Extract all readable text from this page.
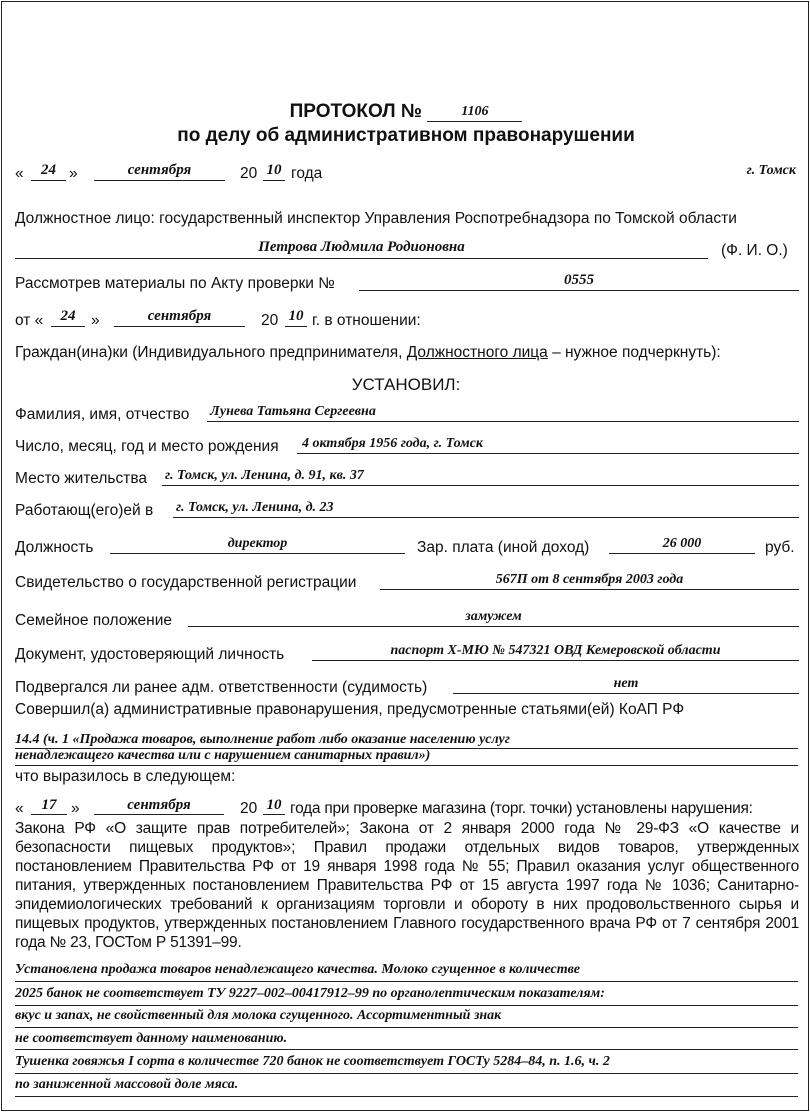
ПРОТОКОЛ №	1106
по делу об административном правонарушении
«	24 »	сентября	20 10 года	г. Томск
Должностное лицо: государственный инспектор Управления Роспотребнадзора по Томской области
Петрова Людмила Родионовна	(Ф. И. О.)
Рассмотрев материалы по Акту проверки №	0555
от «	24	»	сентября	20 10 г. в отношении:
Граждан(ина)ки (Индивидуального предпринимателя, Должностного лица – нужное подчеркнуть):
УСТАНОВИЛ:
Фамилия, имя, отчество Лунева Татьяна Сергеевна
Число, месяц, год и место рождения 4 октября 1956 года, г. Томск
Место жительства г. Томск, ул. Ленина, д. 91, кв. 37
Работающ(его)ей в г. Томск, ул. Ленина, д. 23
Должность	директор	Зар. плата (иной доход)	26 000	руб.
Свидетельство о государственной регистрации	567П от 8 сентября 2003 года
Семейное положение	замужем
Документ, удостоверяющий личность	паспорт Х-МЮ № 547321 ОВД Кемеровской области
Подвергался ли ранее адм. ответственности (судимость)	нет
Совершил(а) административные правонарушения, предусмотренные статьями(ей) КоАП РФ
14.4 (ч. 1 «Продажа товаров, выполнение работ либо оказание населению услуг
ненадлежащего качества или с нарушением санитарных правил»)
что выразилось в следующем:
«	17 »	сентября	20 10 года при проверке магазина (торг. точки) установлены нарушения:
Закона РФ «О защите прав потребителей»; Закона от 2 января 2000 года № 29-ФЗ «О качестве и безопасности пищевых продуктов»; Правил продажи отдельных видов товаров, утвержденных постановлением Правительства РФ от 19 января 1998 года № 55; Правил оказания услуг общественного питания, утвержденных постановлением Правительства РФ от 15 августа 1997 года № 1036; Санитарно-эпидемиологических требований к организациям торговли и обороту в них продовольственного сырья и пищевых продуктов, утвержденных постановлением Главного государственного врача РФ от 7 сентября 2001 года № 23, ГОСТом Р 51391–99.
Установлена продажа товаров ненадлежащего качества. Молоко сгущенное в количестве
2025 банок не соответствует ТУ 9227–002–00417912–99 по органолептическим показателям:
вкус и запах, не свойственный для молока сгущенного. Ассортиментный знак
не соответствует данному наименованию.
Тушенка говяжья I сорта в количестве 720 банок не соответствует ГОСТу 5284–84, п. 1.6, ч. 2
по заниженной массовой доле мяса.
